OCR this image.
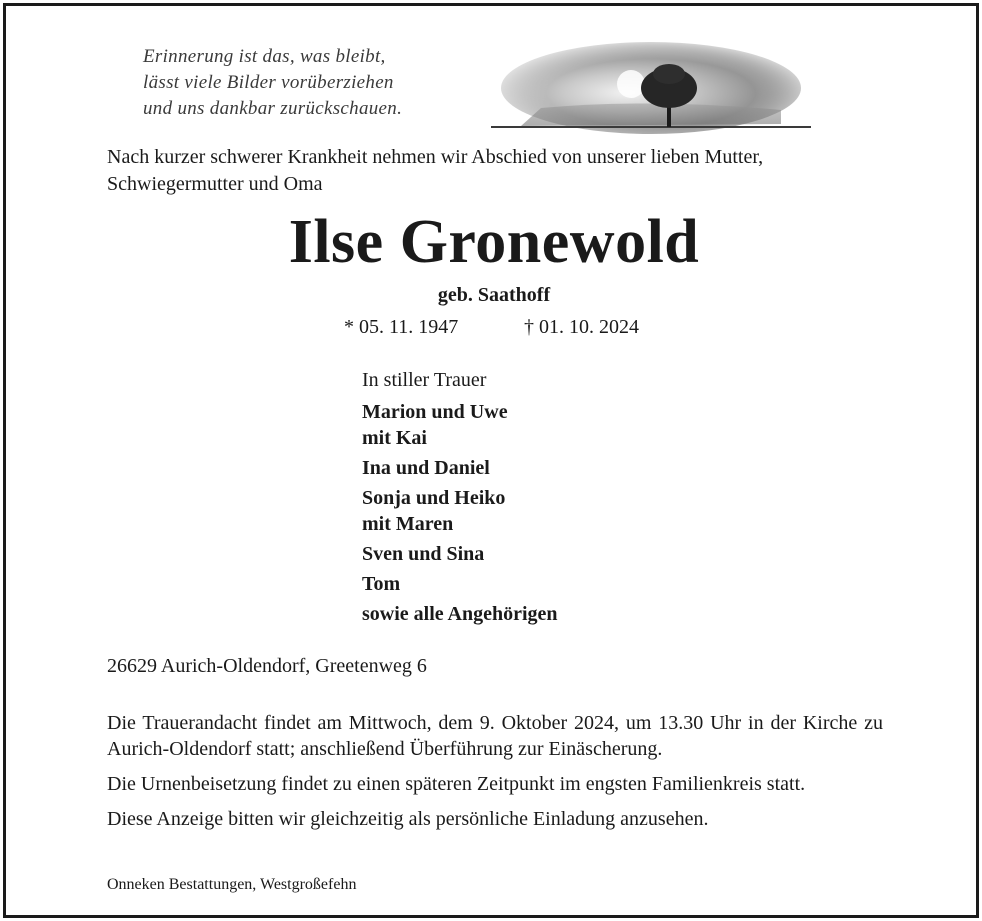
Erinnerung ist das, was bleibt,
lässt viele Bilder vorüberziehen
und uns dankbar zurückschauen.
Nach kurzer schwerer Krankheit nehmen wir Abschied von unserer lieben Mutter, Schwiegermutter und Oma
Ilse Gronewold
geb. Saathoff
* 05. 11. 1947	† 01. 10. 2024
In stiller Trauer
Marion und Uwe
mit Kai
Ina und Daniel
Sonja und Heiko
mit Maren
Sven und Sina
Tom
sowie alle Angehörigen
26629 Aurich-Oldendorf, Greetenweg 6

Die Trauerandacht findet am Mittwoch, dem 9. Oktober 2024, um 13.30 Uhr in der Kirche zu Aurich-Oldendorf statt; anschließend Überführung zur Einäscherung.

Die Urnenbeisetzung findet zu einen späteren Zeitpunkt im engsten Familienkreis statt.

Diese Anzeige bitten wir gleichzeitig als persönliche Einladung anzusehen.

Onneken Bestattungen, Westgroßefehn
